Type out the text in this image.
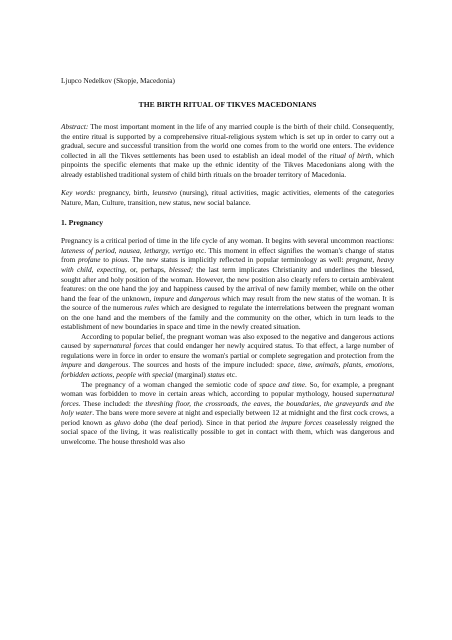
Ljupco Nedelkov (Skopje, Macedonia)
THE BIRTH RITUAL OF TIKVES MACEDONIANS

Abstract: The most important moment in the life of any married couple is the birth of their child. Consequently, the entire ritual is supported by a comprehensive ritual-religious system which is set up in order to carry out a gradual, secure and successful transition from the world one comes from to the world one enters. The evidence collected in all the Tikves settlements has been used to establish an ideal model of the ritual of birth, which pinpoints the specific elements that make up the ethnic identity of the Tikves Macedonians along with the already established traditional system of child birth rituals on the broader territory of Macedonia.

Key words: pregnancy, birth, leunstvo (nursing), ritual activities, magic activities, elements of the categories Nature, Man, Culture, transition, new status, new social balance.

1. Pregnancy

Pregnancy is a critical period of time in the life cycle of any woman. It begins with several uncommon reactions: lateness of period, nausea, lethargy, vertigo etc. This moment in effect signifies the woman's change of status from profane to pious. The new status is implicitly reflected in popular terminology as well: pregnant, heavy with child, expecting, or, perhaps, blessed; the last term implicates Christianity and underlines the blessed, sought after and holy position of the woman. However, the new position also clearly refers to certain ambivalent features: on the one hand the joy and happiness caused by the arrival of new family member, while on the other hand the fear of the unknown, impure and dangerous which may result from the new status of the woman. It is the source of the numerous rules which are designed to regulate the interrelations between the pregnant woman on the one hand and the members of the family and the community on the other, which in turn leads to the establishment of new boundaries in space and time in the newly created situation.

According to popular belief, the pregnant woman was also exposed to the negative and dangerous actions caused by supernatural forces that could endanger her newly acquired status. To that effect, a large number of regulations were in force in order to ensure the woman's partial or complete segregation and protection from the impure and dangerous. The sources and hosts of the impure included: space, time, animals, plants, emotions, forbidden actions, people with special (marginal) status etc.

The pregnancy of a woman changed the semiotic code of space and time. So, for example, a pregnant woman was forbidden to move in certain areas which, according to popular mythology, housed supernatural forces. These included: the threshing floor, the crossroads, the eaves, the boundaries, the graveyards and the holy water. The bans were more severe at night and especially between 12 at midnight and the first cock crows, a period known as gluvo doba (the deaf period). Since in that period the impure forces ceaselessly reigned the social space of the living, it was realistically possible to get in contact with them, which was dangerous and unwelcome. The house threshold was also
